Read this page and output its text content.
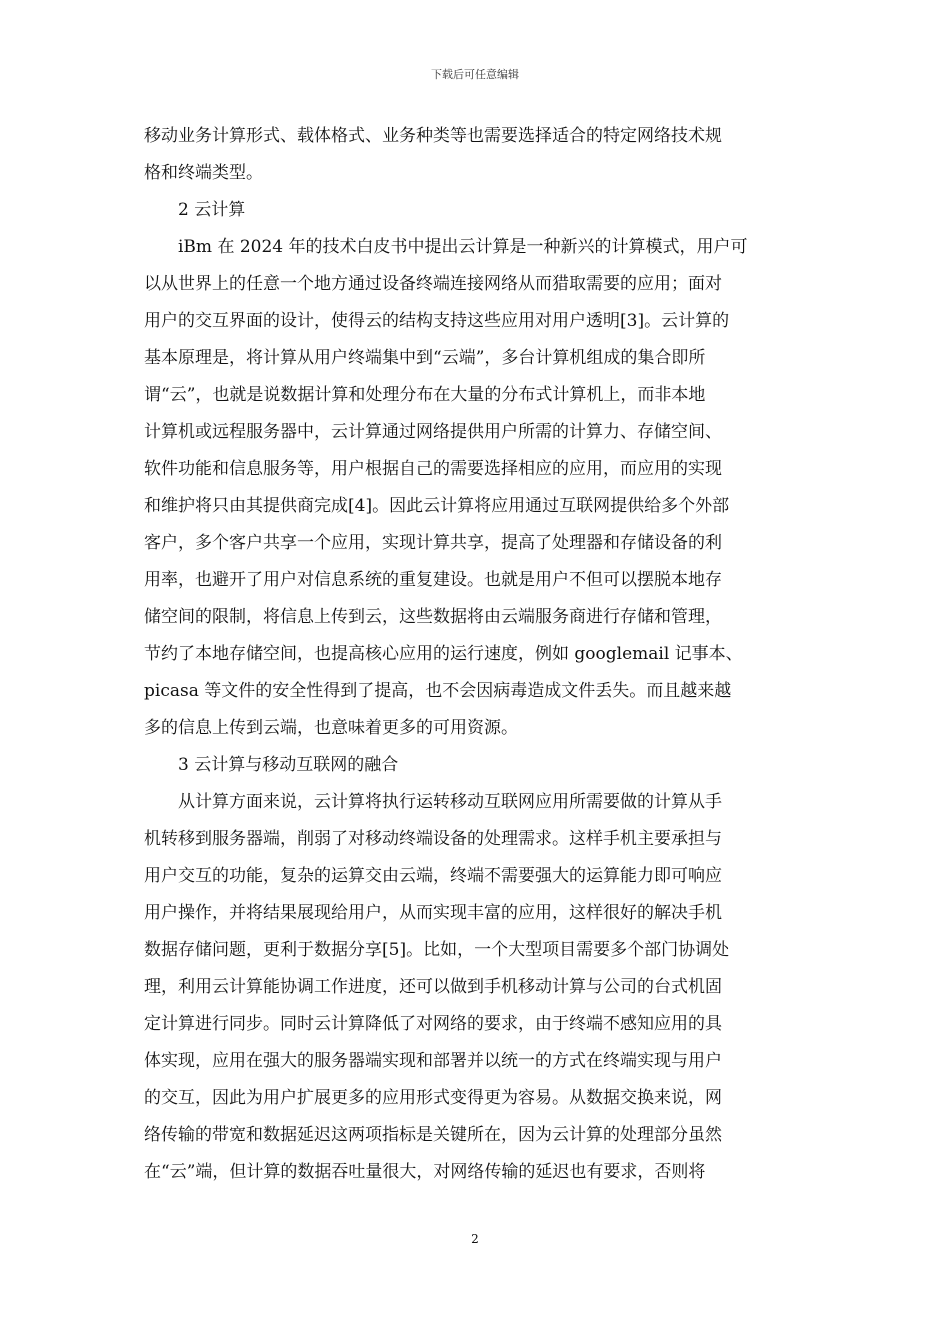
下载后可任意编辑
移动业务计算形式、载体格式、业务种类等也需要选择适合的特定网络技术规
格和终端类型。
2 云计算
iBm 在 2024 年的技术白皮书中提出云计算是一种新兴的计算模式，用户可
以从世界上的任意一个地方通过设备终端连接网络从而猎取需要的应用；面对
用户的交互界面的设计，使得云的结构支持这些应用对用户透明[3]。云计算的
基本原理是，将计算从用户终端集中到“云端”，多台计算机组成的集合即所
谓“云”，也就是说数据计算和处理分布在大量的分布式计算机上，而非本地
计算机或远程服务器中，云计算通过网络提供用户所需的计算力、存储空间、
软件功能和信息服务等，用户根据自己的需要选择相应的应用，而应用的实现
和维护将只由其提供商完成[4]。因此云计算将应用通过互联网提供给多个外部
客户，多个客户共享一个应用，实现计算共享，提高了处理器和存储设备的利
用率，也避开了用户对信息系统的重复建设。也就是用户不但可以摆脱本地存
储空间的限制，将信息上传到云，这些数据将由云端服务商进行存储和管理，
节约了本地存储空间，也提高核心应用的运行速度，例如 googlemail 记事本、
picasa 等文件的安全性得到了提高，也不会因病毒造成文件丢失。而且越来越
多的信息上传到云端，也意味着更多的可用资源。
3 云计算与移动互联网的融合
从计算方面来说，云计算将执行运转移动互联网应用所需要做的计算从手
机转移到服务器端，削弱了对移动终端设备的处理需求。这样手机主要承担与
用户交互的功能，复杂的运算交由云端，终端不需要强大的运算能力即可响应
用户操作，并将结果展现给用户，从而实现丰富的应用，这样很好的解决手机
数据存储问题，更利于数据分享[5]。比如，一个大型项目需要多个部门协调处
理，利用云计算能协调工作进度，还可以做到手机移动计算与公司的台式机固
定计算进行同步。同时云计算降低了对网络的要求，由于终端不感知应用的具
体实现，应用在强大的服务器端实现和部署并以统一的方式在终端实现与用户
的交互，因此为用户扩展更多的应用形式变得更为容易。从数据交换来说，网
络传输的带宽和数据延迟这两项指标是关键所在，因为云计算的处理部分虽然
在“云”端，但计算的数据吞吐量很大，对网络传输的延迟也有要求，否则将
2
